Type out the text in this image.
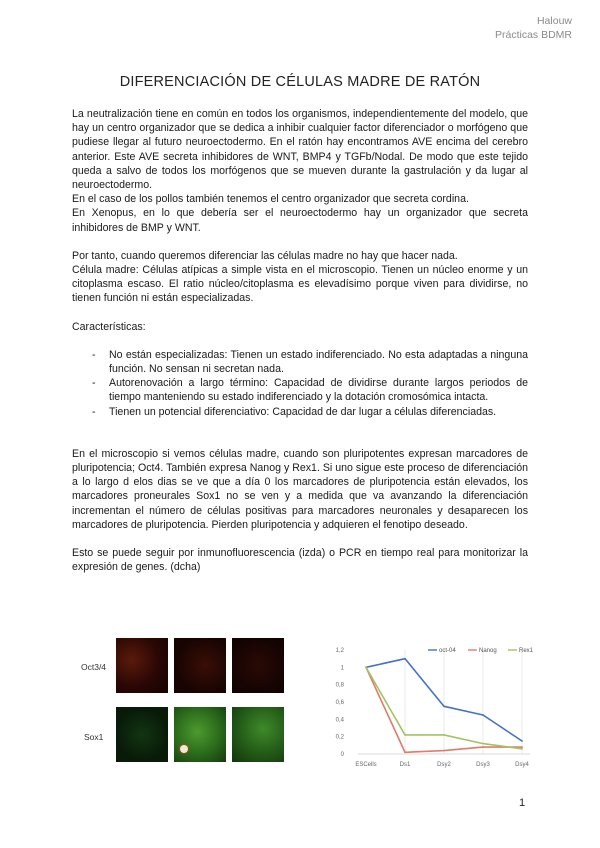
Halouw
Prácticas BDMR
DIFERENCIACIÓN DE CÉLULAS MADRE DE RATÓN

La neutralización tiene en común en todos los organismos, independientemente del modelo, que hay un centro organizador que se dedica a inhibir cualquier factor diferenciador o morfógeno que pudiese llegar al futuro neuroectodermo. En el ratón hay encontramos AVE encima del cerebro anterior. Este AVE secreta inhibidores de WNT, BMP4 y TGFb/Nodal. De modo que este tejido queda a salvo de todos los morfógenos que se mueven durante la gastrulación y da lugar al neuroectodermo.

En el caso de los pollos también tenemos el centro organizador que secreta cordina.

En Xenopus, en lo que debería ser el neuroectodermo hay un organizador que secreta inhibidores de BMP y WNT.

Por tanto, cuando queremos diferenciar las células madre no hay que hacer nada.

Célula madre: Células atípicas a simple vista en el microscopio. Tienen un núcleo enorme y un citoplasma escaso. El ratio núcleo/citoplasma es elevadísimo porque viven para dividirse, no tienen función ni están especializadas.

Características:

- No están especializadas: Tienen un estado indiferenciado. No esta adaptadas a ninguna función. No sensan ni secretan nada.
- Autorenovación a largo término: Capacidad de dividirse durante largos periodos de tiempo manteniendo su estado indiferenciado y la dotación cromosómica intacta.
- Tienen un potencial diferenciativo: Capacidad de dar lugar a células diferenciadas.

En el microscopio si vemos células madre, cuando son pluripotentes expresan marcadores de pluripotencia; Oct4. También expresa Nanog y Rex1. Si uno sigue este proceso de diferenciación a lo largo d elos dias se ve que a día 0 los marcadores de pluripotencia están elevados, los marcadores proneurales Sox1 no se ven y a medida que va avanzando la diferenciación incrementan el número de células positivas para marcadores neuronales y desaparecen los marcadores de pluripotencia. Pierden pluripotencia y adquieren el fenotipo deseado.

Esto se puede seguir por inmunofluorescencia (izda) o PCR en tiempo real para monitorizar la expresión de genes. (dcha)

Oct3/4
Sox1
0
0,2
0,4
0,6
0,8
1
1,2
ESCells	Ds1	Dsy2	Dsy3	Dsy4
oct-04	Nanog	Rex1
1
